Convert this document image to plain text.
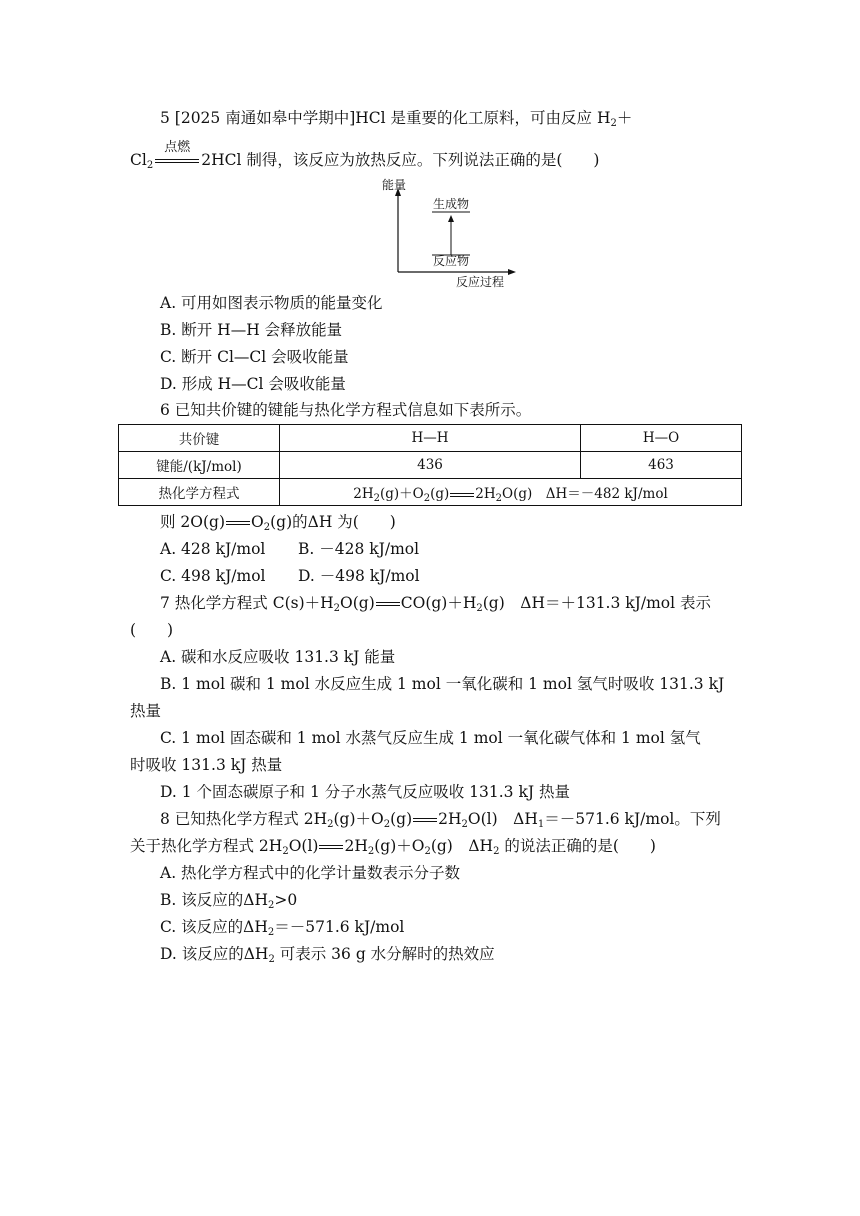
5 [2025 南通如皋中学期中]HCl 是重要的化工原料，可由反应 $H_2+$
$Cl_2$
点燃
2HCl 制得，该反应为放热反应。下列说法正确的是(　　)
能量
生成物
反应物
反应过程
A. 可用如图表示物质的能量变化
B. 断开 H—H 会释放能量
C. 断开 Cl—Cl 会吸收能量
D. 形成 H—Cl 会吸收能量
6 已知共价键的键能与热化学方程式信息如下表所示。
共价键	H—H	H—O
键能/(kJ/mol)	436	463
热化学方程式	$2H_2(g)+O_2(g)$ $2H_2O(g)$　ΔH＝－482 kJ/mol	
则 2O(g) $O_2(g)$的ΔH 为(　　)
A. 428 kJ/mol B. －428 kJ/mol
C. 498 kJ/mol D. －498 kJ/mol
7 热化学方程式 $C(s)+H_2O(g)$ $CO(g)+H_2(g)$　ΔH＝＋131.3 kJ/mol 表示
(　　)
A. 碳和水反应吸收 131.3 kJ 能量
B. 1 mol 碳和 1 mol 水反应生成 1 mol 一氧化碳和 1 mol 氢气时吸收 131.3 kJ
热量
C. 1 mol 固态碳和 1 mol 水蒸气反应生成 1 mol 一氧化碳气体和 1 mol 氢气
时吸收 131.3 kJ 热量
D. 1 个固态碳原子和 1 分子水蒸气反应吸收 131.3 kJ 热量
8 已知热化学方程式 $2H_2(g)+O_2(g)$ $2H_2O(l)$　$\Delta H_1=-571.6$ kJ/mol。下列
关于热化学方程式 $2H_2O(l)$ $2H_2(g)+O_2(g)$　$\Delta H_2$ 的说法正确的是(　　)
A. 热化学方程式中的化学计量数表示分子数
B. 该反应的$\Delta H_2>0$
C. 该反应的$\Delta H_2=-571.6$ kJ/mol
D. 该反应的$\Delta H_2$ 可表示 36 g 水分解时的热效应
